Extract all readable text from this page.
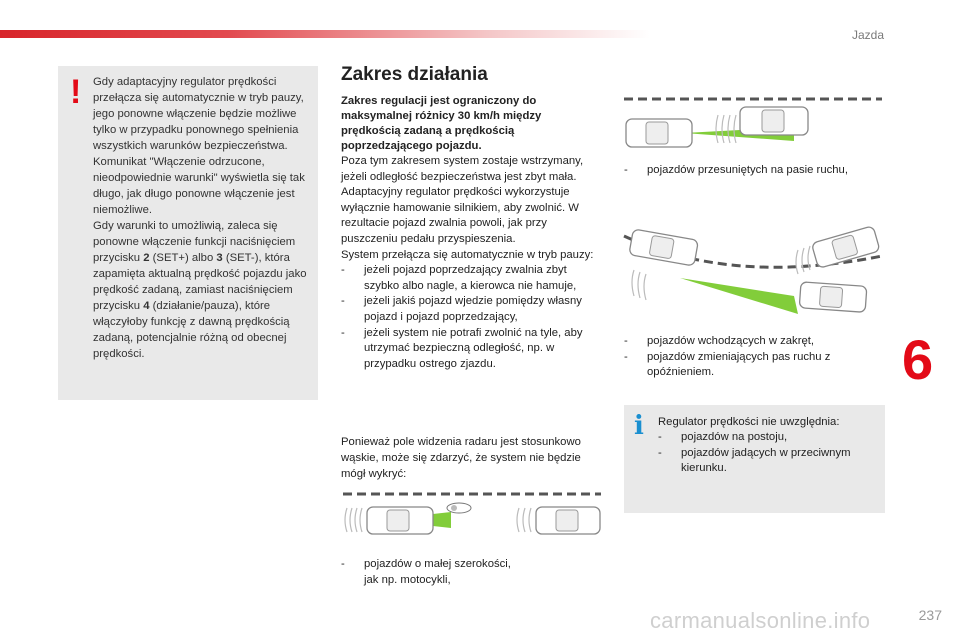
Jazda
6
237
carmanualsonline.info
! Gdy adaptacyjny regulator prędkości przełącza się automatycznie w tryb pauzy, jego ponowne włączenie będzie możliwe tylko w przypadku ponownego spełnienia wszystkich warunków bezpieczeństwa. Komunikat "Włączenie odrzucone, nieodpowiednie warunki" wyświetla się tak długo, jak długo ponowne włączenie jest niemożliwe.
Gdy warunki to umożliwią, zaleca się ponowne włączenie funkcji naciśnięciem przycisku 2 (SET+) albo 3 (SET-), która zapamięta aktualną prędkość pojazdu jako prędkość zadaną, zamiast naciśnięciem przycisku 4 (działanie/pauza), które włączyłoby funkcję z dawną prędkością zadaną, potencjalnie różną od obecnej prędkości.
Zakres działania

Zakres regulacji jest ograniczony do maksymalnej różnicy 30 km/h między prędkością zadaną a prędkością poprzedzającego pojazdu.

Poza tym zakresem system zostaje wstrzymany, jeżeli odległość bezpieczeństwa jest zbyt mała.

Adaptacyjny regulator prędkości wykorzystuje wyłącznie hamowanie silnikiem, aby zwolnić. W rezultacie pojazd zwalnia powoli, jak przy puszczeniu pedału przyspieszenia.

System przełącza się automatycznie w tryb pauzy:

- jeżeli pojazd poprzedzający zwalnia zbyt szybko albo nagle, a kierowca nie hamuje,
- jeżeli jakiś pojazd wjedzie pomiędzy własny pojazd i pojazd poprzedzający,
- jeżeli system nie potrafi zwolnić na tyle, aby utrzymać bezpieczną odległość, np. w przypadku ostrego zjazdu.

Ponieważ pole widzenia radaru jest stosunkowo wąskie, może się zdarzyć, że system nie będzie mógł wykryć:

- pojazdów o małej szerokości,
jak np. motocykli,
- pojazdów przesuniętych na pasie ruchu,
- pojazdów wchodzących w zakręt,
- pojazdów zmieniających pas ruchu z opóźnieniem.
i Regulator prędkości nie uwzględnia:
- pojazdów na postoju,
- pojazdów jadących w przeciwnym kierunku.
